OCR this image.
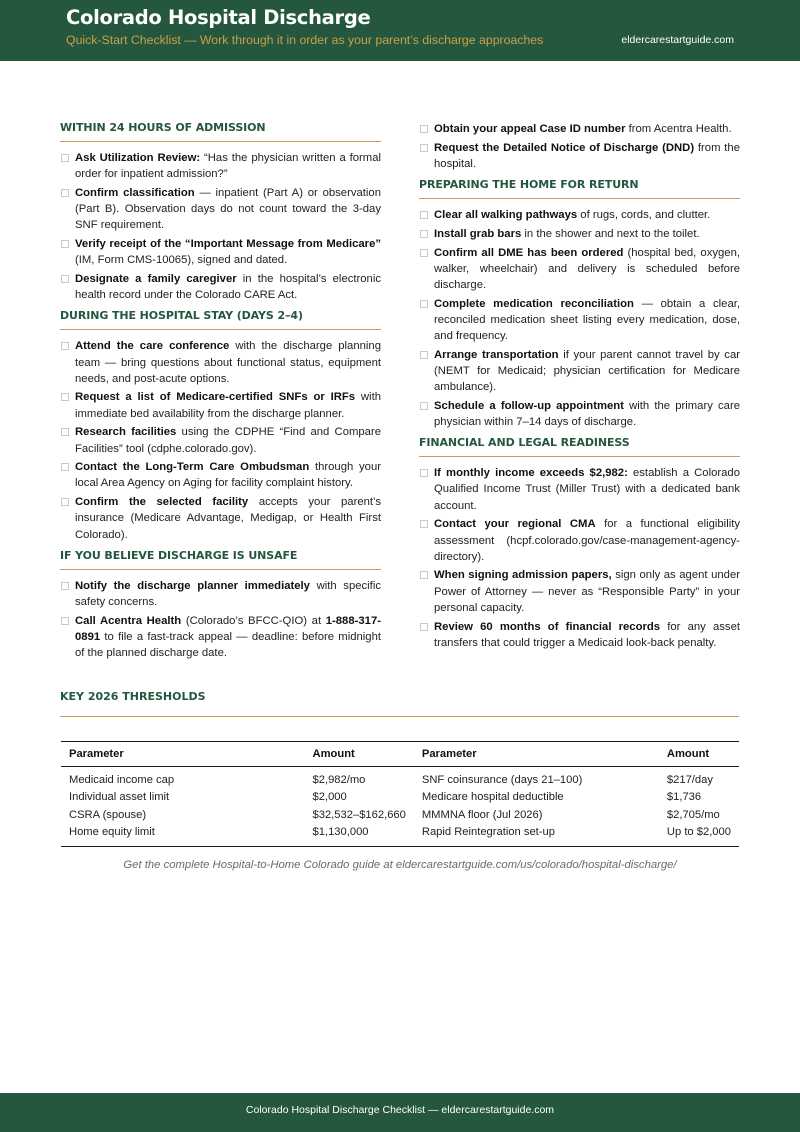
Colorado Hospital Discharge
Quick-Start Checklist — Work through it in order as your parent’s discharge approaches	eldercarestartguide.com
WITHIN 24 HOURS OF ADMISSION
Ask Utilization Review: “Has the physician written a formal order for inpatient admission?”
Confirm classification — inpatient (Part A) or observation (Part B). Observation days do not count toward the 3-day SNF requirement.
Verify receipt of the “Important Message from Medicare” (IM, Form CMS-10065), signed and dated.
Designate a family caregiver in the hospital’s electronic health record under the Colorado CARE Act.
DURING THE HOSPITAL STAY (DAYS 2–4)
Attend the care conference with the discharge planning team — bring questions about functional status, equipment needs, and post-acute options.
Request a list of Medicare-certified SNFs or IRFs with immediate bed availability from the discharge planner.
Research facilities using the CDPHE “Find and Compare Facilities” tool (cdphe.colorado.gov).
Contact the Long-Term Care Ombudsman through your local Area Agency on Aging for facility complaint history.
Confirm the selected facility accepts your parent’s insurance (Medicare Advantage, Medigap, or Health First Colorado).
IF YOU BELIEVE DISCHARGE IS UNSAFE
Notify the discharge planner immediately with specific safety concerns.
Call Acentra Health (Colorado’s BFCC-QIO) at 1-888-317-0891 to file a fast-track appeal — deadline: before midnight of the planned discharge date.
Obtain your appeal Case ID number from Acentra Health.
Request the Detailed Notice of Discharge (DND) from the hospital.
PREPARING THE HOME FOR RETURN
Clear all walking pathways of rugs, cords, and clutter.
Install grab bars in the shower and next to the toilet.
Confirm all DME has been ordered (hospital bed, oxygen, walker, wheelchair) and delivery is scheduled before discharge.
Complete medication reconciliation — obtain a clear, reconciled medication sheet listing every medication, dose, and frequency.
Arrange transportation if your parent cannot travel by car (NEMT for Medicaid; physician certification for Medicare ambulance).
Schedule a follow-up appointment with the primary care physician within 7–14 days of discharge.
FINANCIAL AND LEGAL READINESS
If monthly income exceeds $2,982: establish a Colorado Qualified Income Trust (Miller Trust) with a dedicated bank account.
Contact your regional CMA for a functional eligibility assessment (hcpf.colorado.gov/case-management-agency-directory).
When signing admission papers, sign only as agent under Power of Attorney — never as “Responsible Party” in your personal capacity.
Review 60 months of financial records for any asset transfers that could trigger a Medicaid look-back penalty.
KEY 2026 THRESHOLDS
Parameter	Amount	Parameter	Amount
Medicaid income cap	$2,982/mo	SNF coinsurance (days 21–100)	$217/day
Individual asset limit	$2,000	Medicare hospital deductible	$1,736
CSRA (spouse)	$32,532–$162,660	MMMNA floor (Jul 2026)	$2,705/mo
Home equity limit	$1,130,000	Rapid Reintegration set-up	Up to $2,000
Get the complete Hospital-to-Home Colorado guide at eldercarestartguide.com/us/colorado/hospital-discharge/
Colorado Hospital Discharge Checklist — eldercarestartguide.com
